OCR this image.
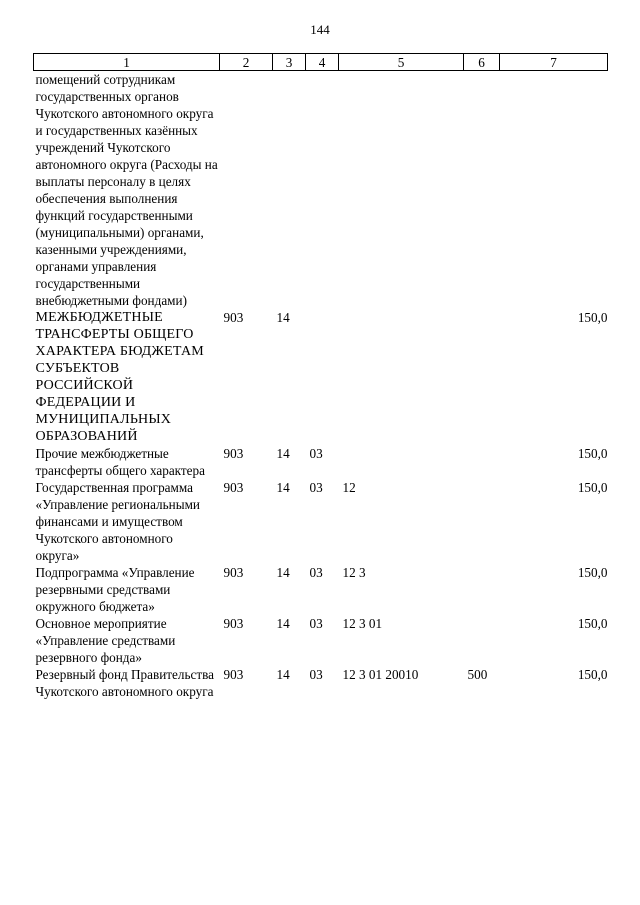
144
1	2	3	4	5	6	7
помещений сотрудникам государственных органов Чукотского автономного округа и государственных казённых учреждений Чукотского автономного округа (Расходы на выплаты персоналу в целях обеспечения выполнения функций государственными (муниципальными) органами, казенными учреждениями, органами управления государственными внебюджетными фондами)						
МЕЖБЮДЖЕТНЫЕ ТРАНСФЕРТЫ ОБЩЕГО ХАРАКТЕРА БЮДЖЕТАМ СУБЪЕКТОВ РОССИЙСКОЙ ФЕДЕРАЦИИ И МУНИЦИПАЛЬНЫХ ОБРАЗОВАНИЙ	903	14				150,0
Прочие межбюджетные трансферты общего характера	903	14	03			150,0
Государственная программа «Управление региональными финансами и имуществом Чукотского автономного округа»	903	14	03	12		150,0
Подпрограмма «Управление резервными средствами окружного бюджета»	903	14	03	12 3		150,0
Основное мероприятие «Управление средствами резервного фонда»	903	14	03	12 3 01		150,0
Резервный фонд Правительства Чукотского автономного округа	903	14	03	12 3 01 20010	500	150,0
